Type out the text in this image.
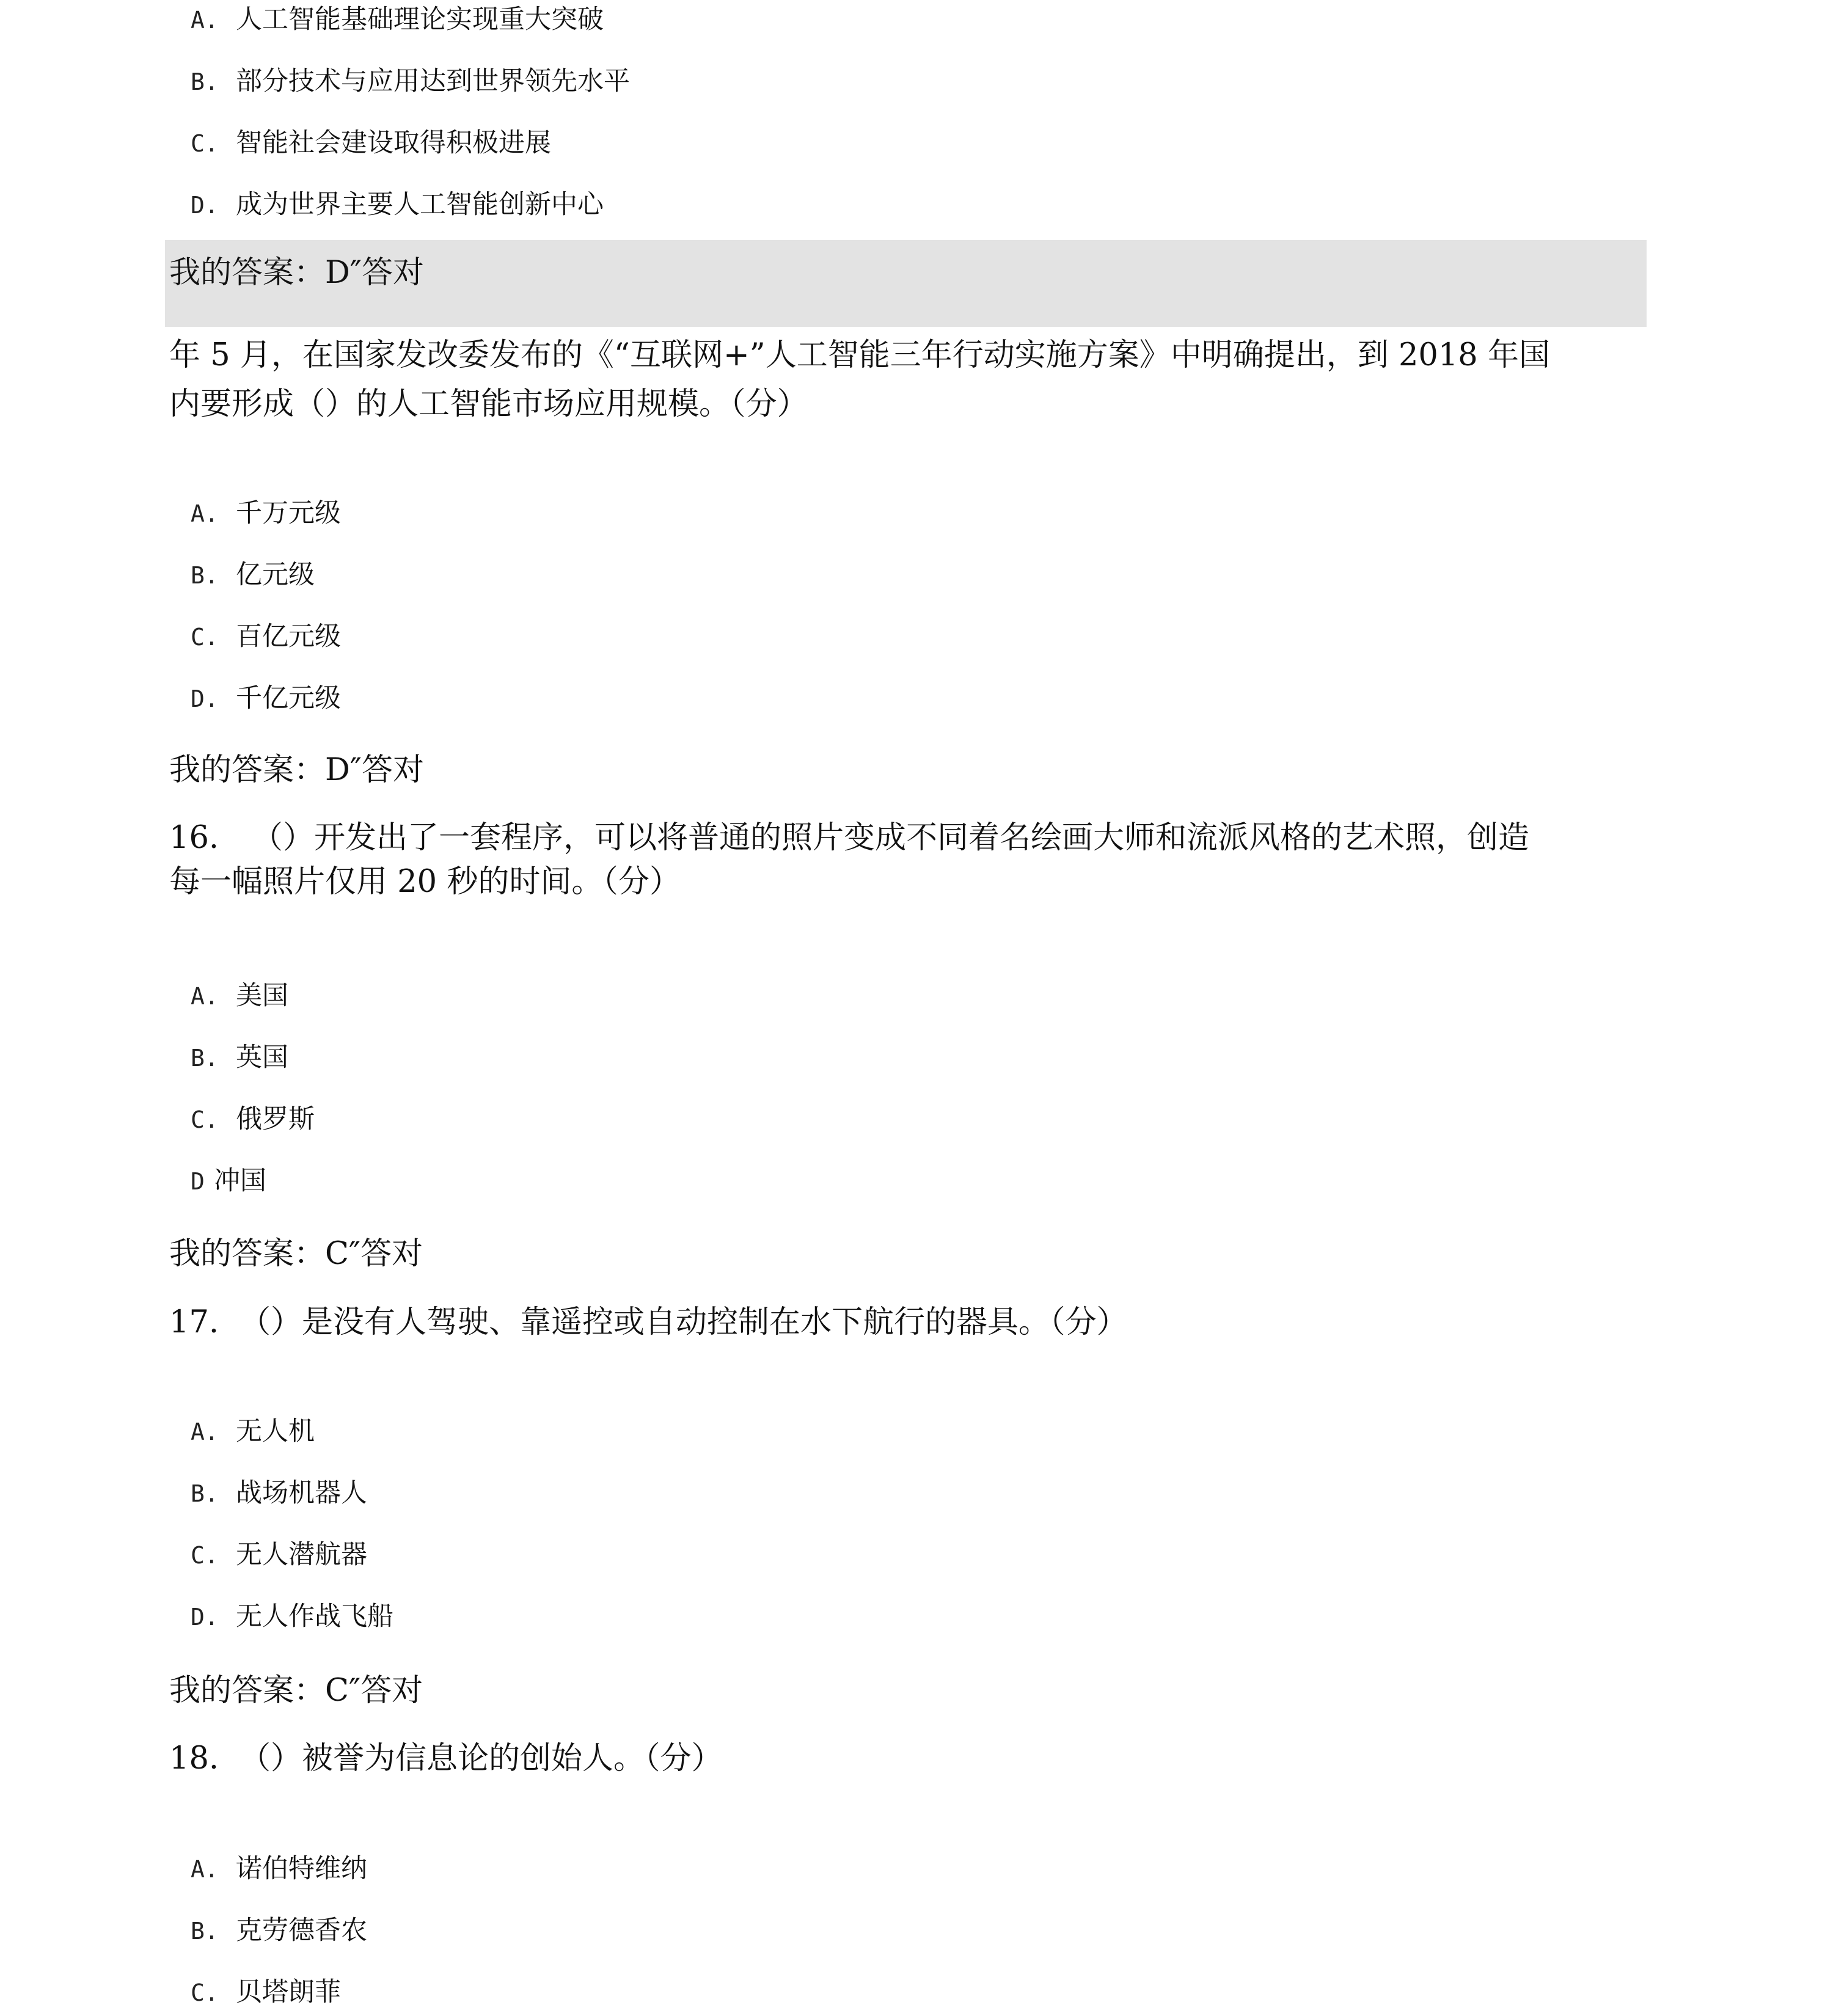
A. 人工智能基础理论实现重大突破
B. 部分技术与应用达到世界领先水平
C. 智能社会建设取得积极进展
D. 成为世界主要人工智能创新中心
我的答案：D″答对
年 5 月，在国家发改委发布的《“互联网+”人工智能三年行动实施方案》中明确提出，到 2018 年国
内要形成（）的人工智能市场应用规模。（分）
A. 千万元级
B. 亿元级
C. 百亿元级
D. 千亿元级
我的答案：D″答对
16. （）开发出了一套程序，可以将普通的照片变成不同着名绘画大师和流派风格的艺术照，创造
每一幅照片仅用 20 秒的时间。（分）
A. 美国
B. 英国
C. 俄罗斯
D 冲国
我的答案：C″答对
17. （）是没有人驾驶、靠遥控或自动控制在水下航行的器具。（分）
A. 无人机
B. 战场机器人
C. 无人潜航器
D. 无人作战飞船
我的答案：C″答对
18. （）被誉为信息论的创始人。（分）
A. 诺伯特维纳
B. 克劳德香农
C. 贝塔朗菲
